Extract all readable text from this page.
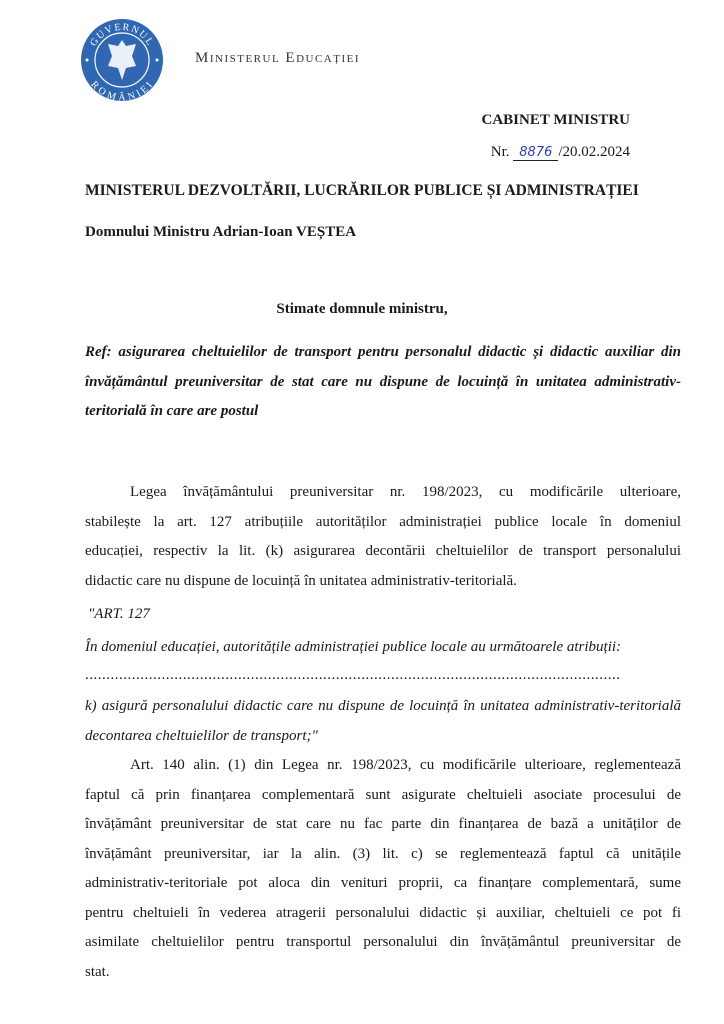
GUVERNUL
ROMÂNIEI
Ministerul Educației
CABINET MINISTRU
Nr. 8876 /20.02.2024
MINISTERUL DEZVOLTĂRII, LUCRĂRILOR PUBLICE ȘI ADMINISTRAȚIEI
Domnului Ministru Adrian-Ioan VEȘTEA
Stimate domnule ministru,
Ref: asigurarea cheltuielilor de transport pentru personalul didactic și didactic auxiliar din
învățământul preuniversitar de stat care nu dispune de locuință în unitatea administrativ-
teritorială în care are postul
Legea învățământului preuniversitar nr. 198/2023, cu modificările ulterioare,
stabilește la art. 127 atribuțiile autorităților administrației publice locale în domeniul
educației, respectiv la lit. (k) asigurarea decontării cheltuielilor de transport personalului
didactic care nu dispune de locuință în unitatea administrativ-teritorială.
"ART. 127
În domeniul educației, autoritățile administrației publice locale au următoarele atribuții:
..............................................................................................................................
k) asigură personalului didactic care nu dispune de locuință în unitatea administrativ-teritorială
decontarea cheltuielilor de transport;"
Art. 140 alin. (1) din Legea nr. 198/2023, cu modificările ulterioare, reglementează
faptul că prin finanțarea complementară sunt asigurate cheltuieli asociate procesului de
învățământ preuniversitar de stat care nu fac parte din finanțarea de bază a unităților de
învățământ preuniversitar, iar la alin. (3) lit. c) se reglementează faptul că unitățile
administrativ-teritoriale pot aloca din venituri proprii, ca finanțare complementară, sume
pentru cheltuieli în vederea atragerii personalului didactic și auxiliar, cheltuieli ce pot fi
asimilate cheltuielilor pentru transportul personalului din învățământul preuniversitar de
stat.
